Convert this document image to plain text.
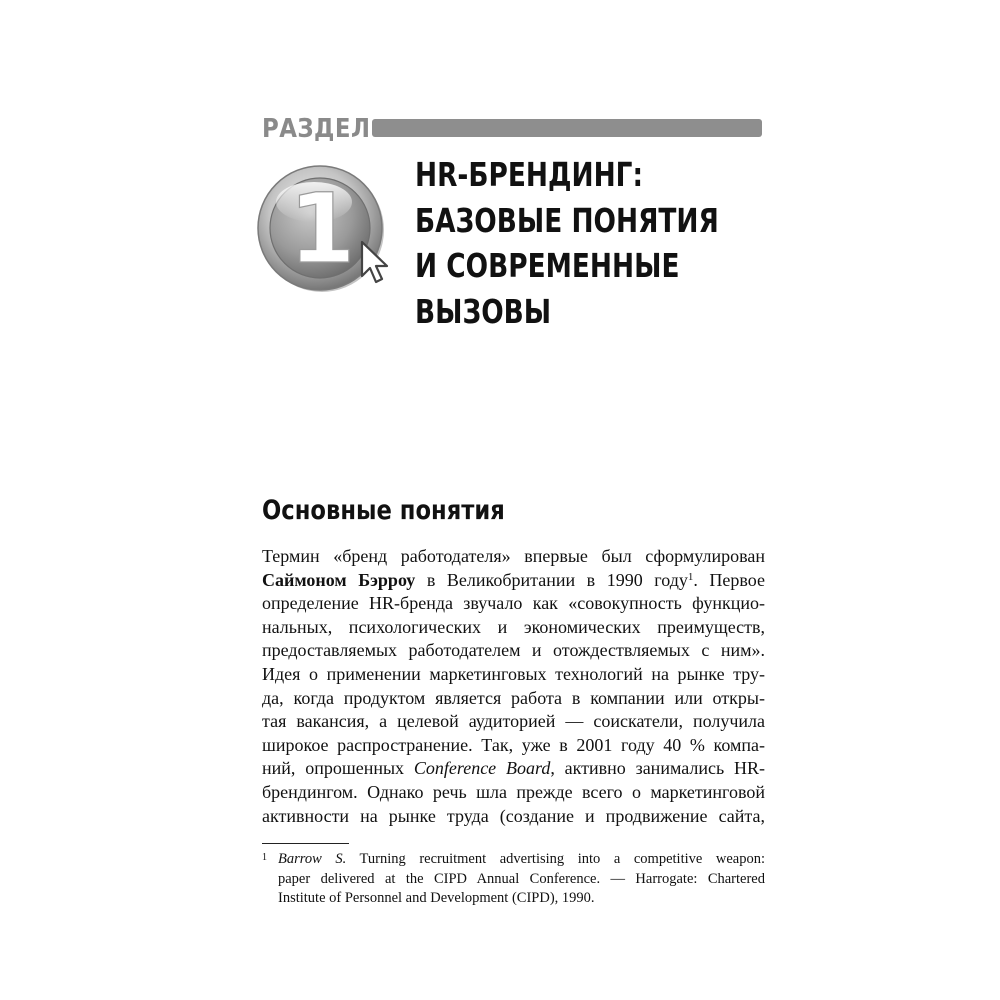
РАЗДЕЛ
1 HR-БРЕНДИНГ:
БАЗОВЫЕ ПОНЯТИЯ
И СОВРЕМЕННЫЕ
ВЫЗОВЫ
Основные понятия
Термин «бренд работодателя» впервые был сформулирован
Саймоном Бэрроу в Великобритании в 1990 году$^1$. Первое
определение HR-бренда звучало как «совокупность функцио-
нальных, психологических и экономических преимуществ,
предоставляемых работодателем и отождествляемых с ним».
Идея о применении маркетинговых технологий на рынке тру-
да, когда продуктом является работа в компании или откры-
тая вакансия, а целевой аудиторией — соискатели, получила
широкое распространение. Так, уже в 2001 году 40 % компа-
ний, опрошенных Conference Board, активно занимались HR-
брендингом. Однако речь шла прежде всего о маркетинговой
активности на рынке труда (создание и продвижение сайта,
1 Barrow S. Turning recruitment advertising into a competitive weapon:
paper delivered at the CIPD Annual Conference. — Harrogate: Chartered
Institute of Personnel and Development (CIPD), 1990.
